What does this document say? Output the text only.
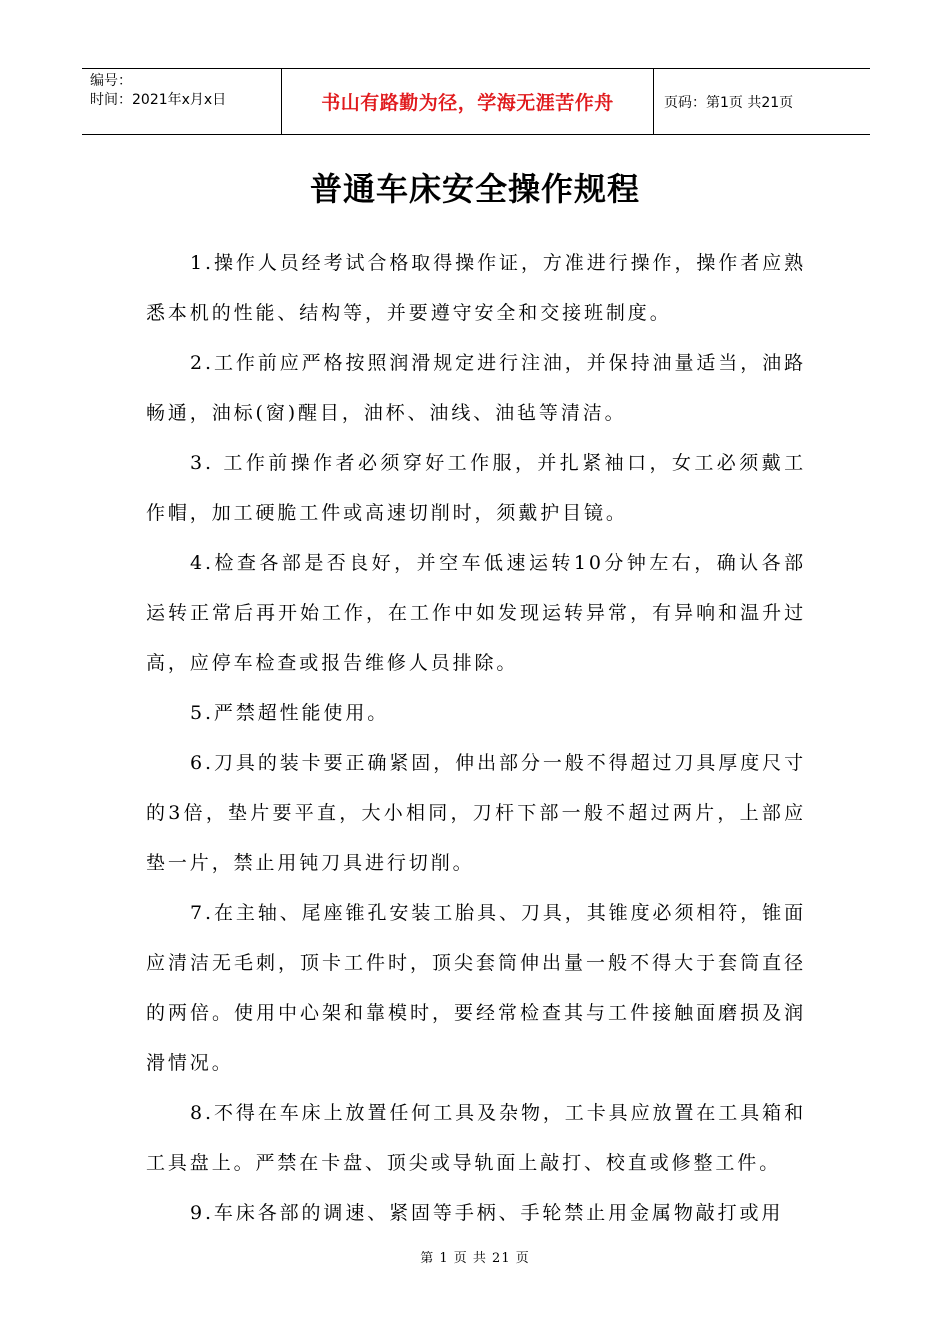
编号：
时间：2021年x月x日	书山有路勤为径，学海无涯苦作舟	页码：第1页 共21页
普通车床安全操作规程

1.操作人员经考试合格取得操作证，方准进行操作，操作者应熟悉本机的性能、结构等，并要遵守安全和交接班制度。

2.工作前应严格按照润滑规定进行注油，并保持油量适当，油路畅通，油标(窗)醒目，油杯、油线、油毡等清洁。

3. 工作前操作者必须穿好工作服，并扎紧袖口，女工必须戴工作帽，加工硬脆工件或高速切削时，须戴护目镜。

4.检查各部是否良好，并空车低速运转10分钟左右，确认各部运转正常后再开始工作，在工作中如发现运转异常，有异响和温升过高，应停车检查或报告维修人员排除。

5.严禁超性能使用。

6.刀具的装卡要正确紧固，伸出部分一般不得超过刀具厚度尺寸的3倍，垫片要平直，大小相同，刀杆下部一般不超过两片，上部应垫一片，禁止用钝刀具进行切削。

7.在主轴、尾座锥孔安装工胎具、刀具，其锥度必须相符，锥面应清洁无毛刺，顶卡工件时，顶尖套筒伸出量一般不得大于套筒直径的两倍。使用中心架和靠模时，要经常检查其与工件接触面磨损及润滑情况。

8.不得在车床上放置任何工具及杂物，工卡具应放置在工具箱和工具盘上。严禁在卡盘、顶尖或导轨面上敲打、校直或修整工件。

9.车床各部的调速、紧固等手柄、手轮禁止用金属物敲打或用

第 1 页 共 21 页
